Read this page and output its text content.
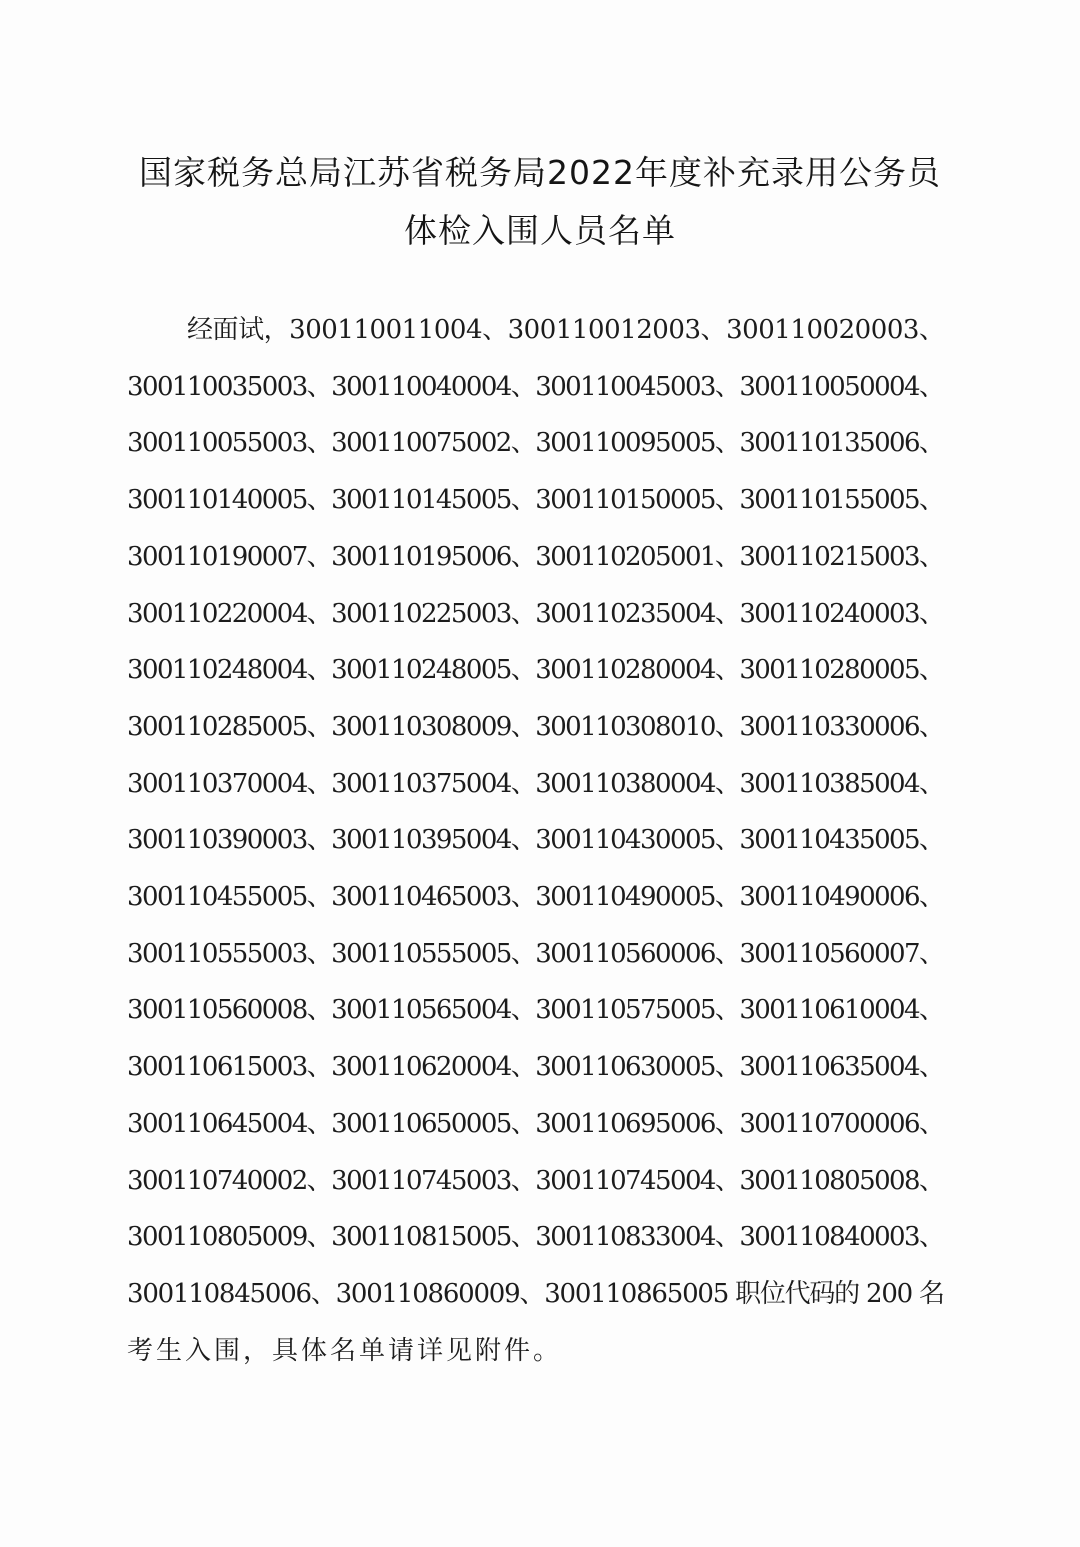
国家税务总局江苏省税务局2022年度补充录用公务员
体检入围人员名单
经面试，300110011004、300110012003、300110020003、
300110035003、300110040004、300110045003、300110050004、
300110055003、300110075002、300110095005、300110135006、
300110140005、300110145005、300110150005、300110155005、
300110190007、300110195006、300110205001、300110215003、
300110220004、300110225003、300110235004、300110240003、
300110248004、300110248005、300110280004、300110280005、
300110285005、300110308009、300110308010、300110330006、
300110370004、300110375004、300110380004、300110385004、
300110390003、300110395004、300110430005、300110435005、
300110455005、300110465003、300110490005、300110490006、
300110555003、300110555005、300110560006、300110560007、
300110560008、300110565004、300110575005、300110610004、
300110615003、300110620004、300110630005、300110635004、
300110645004、300110650005、300110695006、300110700006、
300110740002、300110745003、300110745004、300110805008、
300110805009、300110815005、300110833004、300110840003、
300110845006、300110860009、300110865005 职位代码的 200 名
考生入围，具体名单请详见附件。
